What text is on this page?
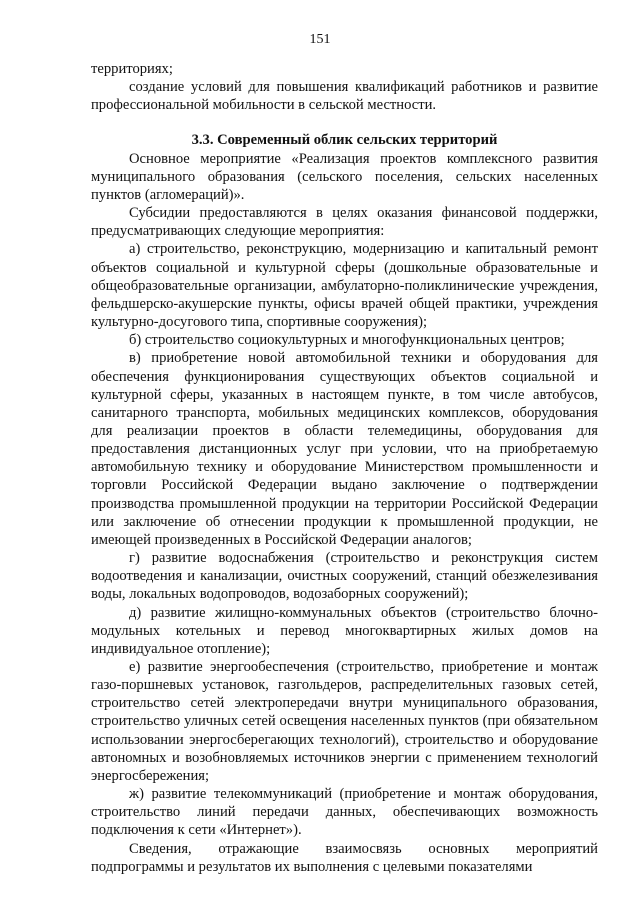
151

территориях;

создание условий для повышения квалификаций работников и развитие профессиональной мобильности в сельской местности.

3.3. Современный облик сельских территорий

Основное мероприятие «Реализация проектов комплексного развития муниципального образования (сельского поселения, сельских населенных пунктов (агломераций)».

Субсидии предоставляются в целях оказания финансовой поддержки, предусматривающих следующие мероприятия:

а) строительство, реконструкцию, модернизацию и капитальный ремонт объектов социальной и культурной сферы (дошкольные образовательные и общеобразовательные организации, амбулаторно-поликлинические учреждения, фельдшерско-акушерские пункты, офисы врачей общей практики, учреждения культурно-досугового типа, спортивные сооружения);

б) строительство социокультурных и многофункциональных центров;

в) приобретение новой автомобильной техники и оборудования для обеспечения функционирования существующих объектов социальной и культурной сферы, указанных в настоящем пункте, в том числе автобусов, санитарного транспорта, мобильных медицинских комплексов, оборудования для реализации проектов в области телемедицины, оборудования для предоставления дистанционных услуг при условии, что на приобретаемую автомобильную технику и оборудование Министерством промышленности и торговли Российской Федерации выдано заключение о подтверждении производства промышленной продукции на территории Российской Федерации или заключение об отнесении продукции к промышленной продукции, не имеющей произведенных в Российской Федерации аналогов;

г) развитие водоснабжения (строительство и реконструкция систем водоотведения и канализации, очистных сооружений, станций обезжелезивания воды, локальных водопроводов, водозаборных сооружений);

д) развитие жилищно-коммунальных объектов (строительство блочно-модульных котельных и перевод многоквартирных жилых домов на индивидуальное отопление);

е) развитие энергообеспечения (строительство, приобретение и монтаж газо-поршневых установок, газгольдеров, распределительных газовых сетей, строительство сетей электропередачи внутри муниципального образования, строительство уличных сетей освещения населенных пунктов (при обязательном использовании энергосберегающих технологий), строительство и оборудование автономных и возобновляемых источников энергии с применением технологий энергосбережения;

ж) развитие телекоммуникаций (приобретение и монтаж оборудования, строительство линий передачи данных, обеспечивающих возможность подключения к сети «Интернет»).

Сведения, отражающие взаимосвязь основных мероприятий подпрограммы и результатов их выполнения с целевыми показателями
